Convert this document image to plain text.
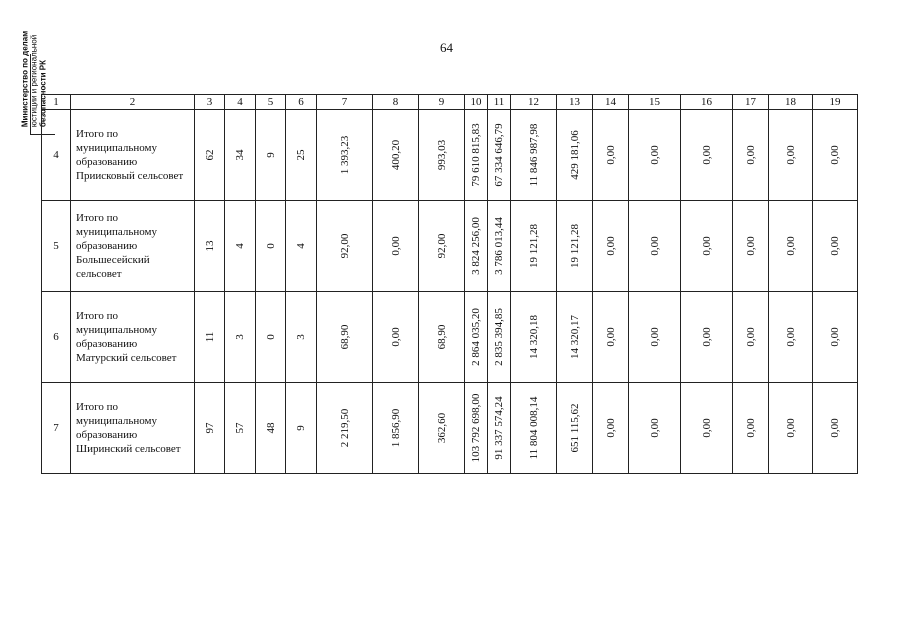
64
Министерство по делам юстиции и региональной безопасности РК 1	2	3	4	5	6	7	8	9	10	11	12	13	14	15	16	17	18	19
4	Итого по муниципальному образованию Приисковый сельсовет	62	34	9	25	1 393,23	400,20	993,03	79 610 815,83	67 334 646,79	11 846 987,98	429 181,06	0,00	0,00	0,00	0,00	0,00	0,00

5	Итого по муниципальному образованию Большесейский сельсовет	13	4	0	4	92,00	0,00	92,00	3 824 256,00	3 786 013,44	19 121,28	19 121,28	0,00	0,00	0,00	0,00	0,00	0,00

6	Итого по муниципальному образованию Матурский сельсовет	11	3	0	3	68,90	0,00	68,90	2 864 035,20	2 835 394,85	14 320,18	14 320,17	0,00	0,00	0,00	0,00	0,00	0,00

7	Итого по муниципальному образованию Ширинский сельсовет	97	57	48	9	2 219,50	1 856,90	362,60	103 792 698,00	91 337 574,24	11 804 008,14	651 115,62	0,00	0,00	0,00	0,00	0,00	0,00
